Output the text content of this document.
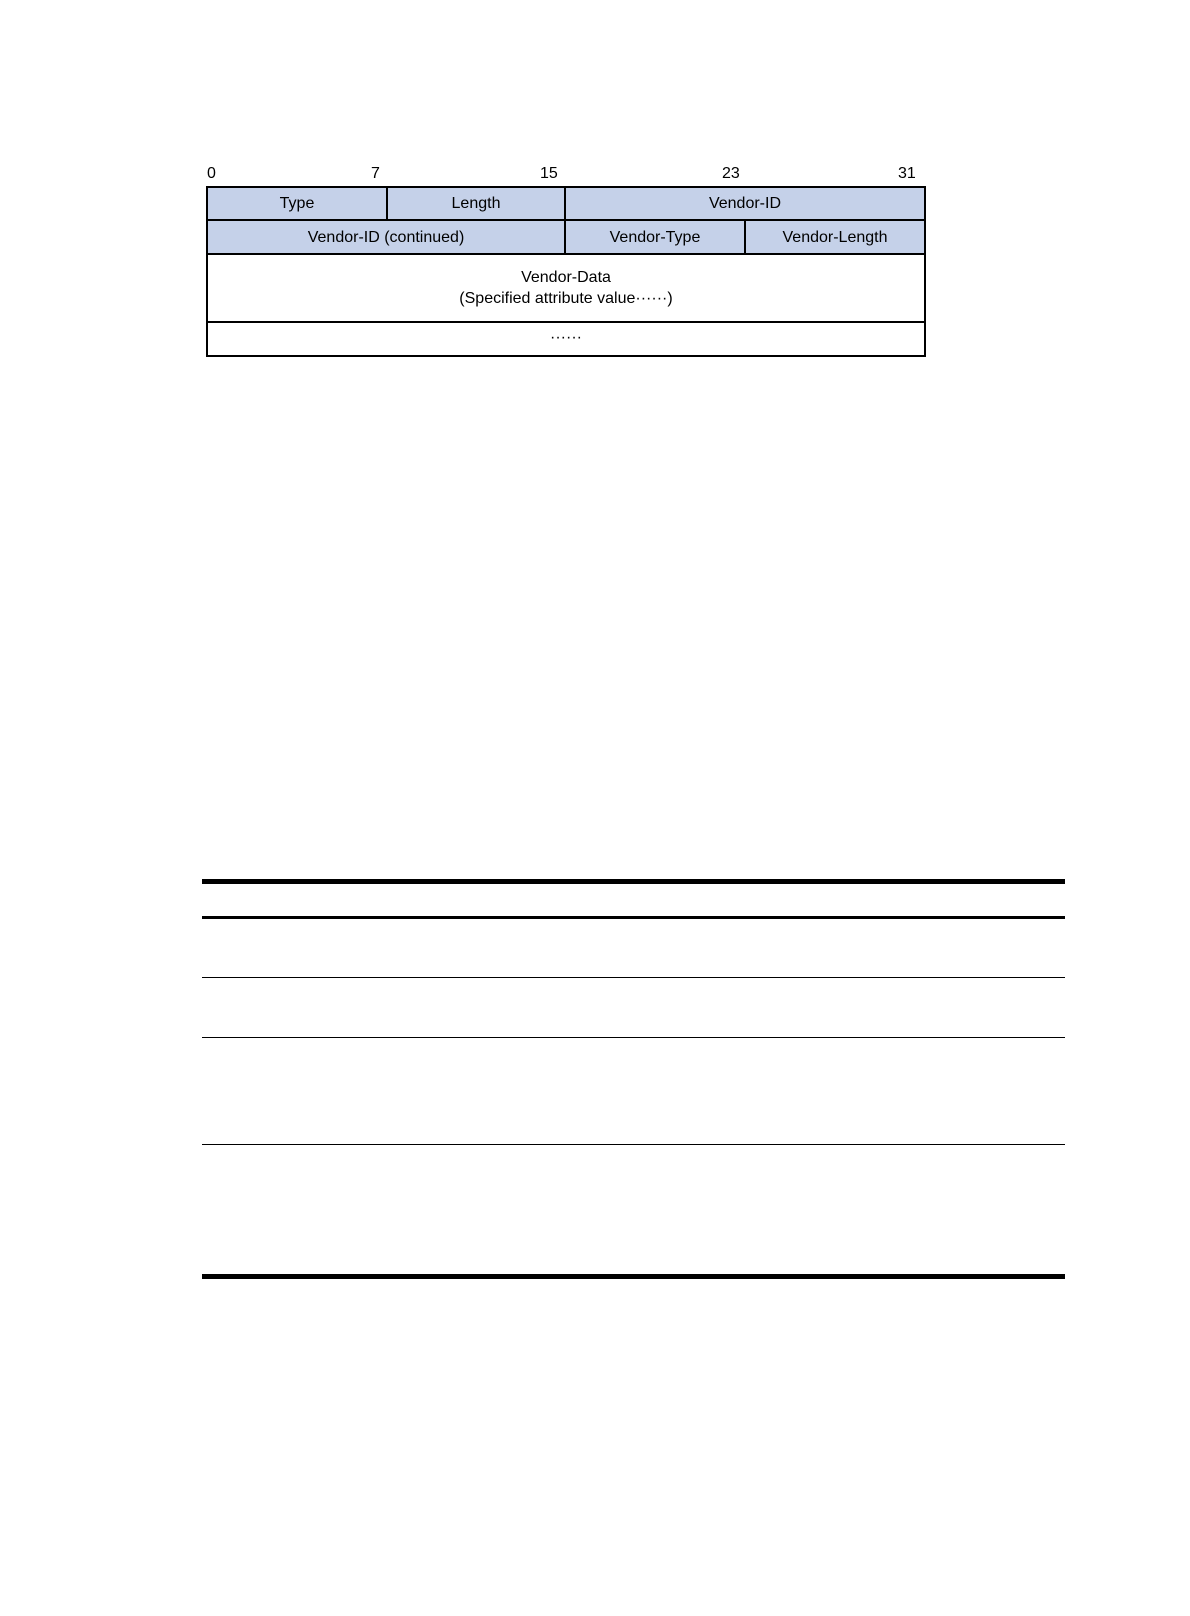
0	7	15	23	31
Type	Length	Vendor-ID
Vendor-ID (continued)	Vendor-Type	Vendor-Length
Vendor-Data
(Specified attribute value······)
······
